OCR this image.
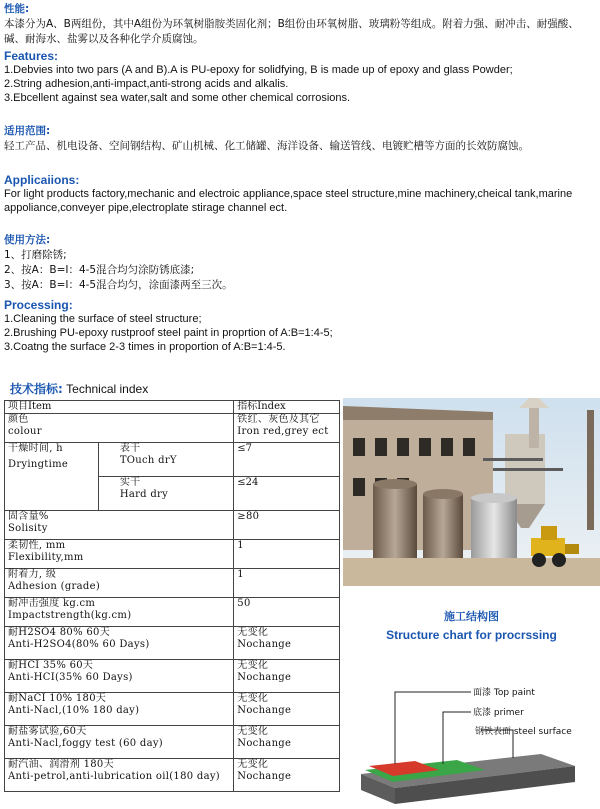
性能:
本漆分为A、B两组份，其中A组份为环氧树脂胺类固化剂；B组份由环氧树脂、玻璃粉等组成。附着力强、耐冲击、耐强酸、碱、耐海水、盐雾以及各种化学介质腐蚀。
Features:
1.Debvies into two pars (A and B).A is PU-epoxy for solidfying, B is made up of epoxy and glass Powder;
2.String adhesion,anti-impact,anti-strong acids and alkalis.
3.Ebcellent against sea water,salt and some other chemical corrosions.
适用范围:
轻工产品、机电设备、空间钢结构、矿山机械、化工储罐、海洋设备、输送管线、电镀贮槽等方面的长效防腐蚀。
Applicaiions:
For light products factory,mechanic and electroic appliance,space steel structure,mine machinery,cheical tank,marine appoliance,conveyer pipe,electroplate stirage channel ect.
使用方法:
1、打磨除锈;
2、按A：B=I：4-5混合均匀涂防锈底漆;
3、按A：B=I：4-5混合均匀，涂面漆两至三次。
Processing:
1.Cleaning the surface of steel structure;
2.Brushing PU-epoxy rustproof steel paint in proprtion of A:B=1:4-5;
3.Coatng the surface 2-3 times in proportion of A:B=1:4-5.
技术指标: Technical index
项目Item		指标Index

颜色
colour		铁红、灰色及其它
Iron red,grey ect

干燥时间, h
Dryingtime	表干
TOuch drY	≤7

	实干
Hard dry	≤24

固含量%
Solisity		≥80

柔韧性, mm
Flexibility,mm		1

附着力, 级
Adhesion (grade)		1

耐冲击强度 kg.cm
Impactstrength(kg.cm)		50

耐H2SO4 80% 60天
Anti-H2SO4(80% 60 Days)		无变化
Nochange

耐HCI 35% 60天
Anti-HCI(35% 60 Days)		无变化
Nochange

耐NaCI 10% 180天
Anti-Nacl,(10% 180 day)		无变化
Nochange

耐盐雾试验,60天
Anti-Nacl,foggy test (60 day)		无变化
Nochange

耐汽油、润滑剂 180天
Anti-petrol,anti-lubrication oil(180 day)		无变化
Nochange
施工结构图
Structure chart for procrssing
面漆 Top paint
底漆 primer
钢铁表面 steel surface
